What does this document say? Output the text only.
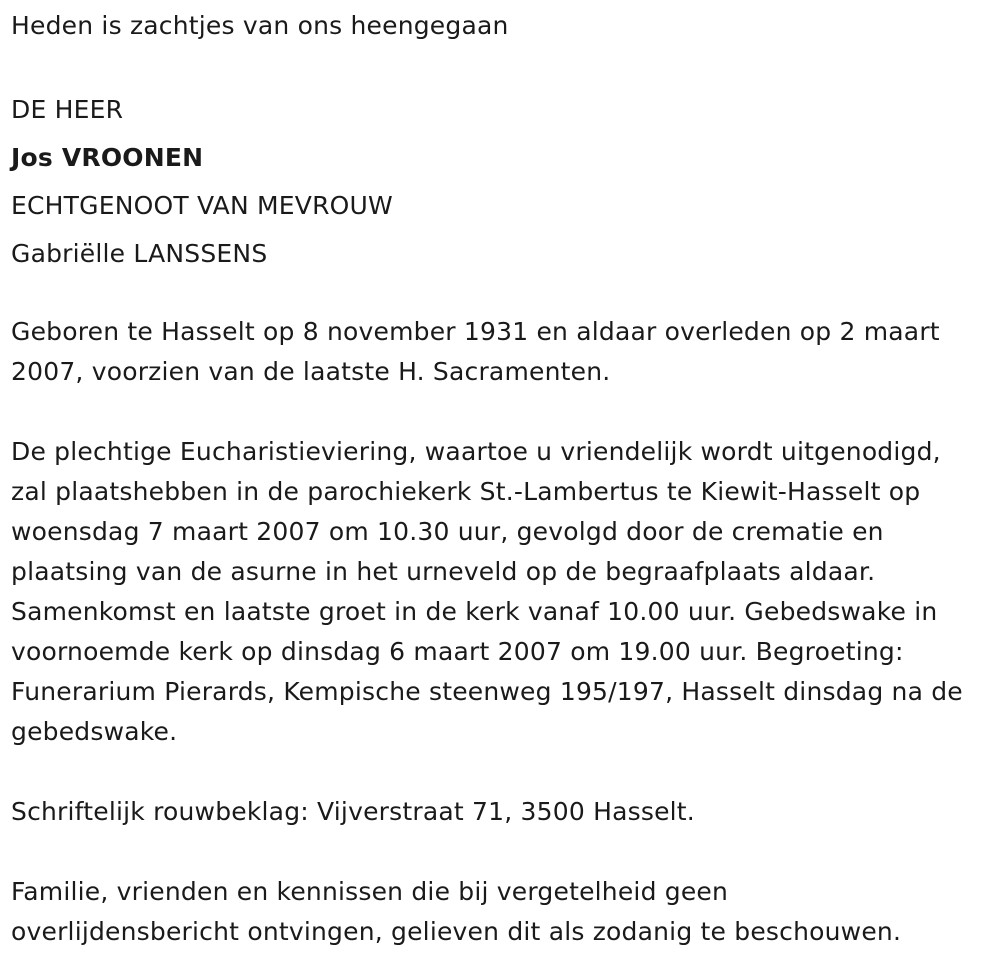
Heden is zachtjes van ons heengegaan
DE HEER
Jos VROONEN
ECHTGENOOT VAN MEVROUW
Gabriëlle LANSSENS
Geboren te Hasselt op 8 november 1931 en aldaar overleden op 2 maart
2007, voorzien van de laatste H. Sacramenten.
De plechtige Eucharistieviering, waartoe u vriendelijk wordt uitgenodigd,
zal plaatshebben in de parochiekerk St.-Lambertus te Kiewit-Hasselt op
woensdag 7 maart 2007 om 10.30 uur, gevolgd door de crematie en
plaatsing van de asurne in het urneveld op de begraafplaats aldaar.
Samenkomst en laatste groet in de kerk vanaf 10.00 uur. Gebedswake in
voornoemde kerk op dinsdag 6 maart 2007 om 19.00 uur. Begroeting:
Funerarium Pierards, Kempische steenweg 195/197, Hasselt dinsdag na de
gebedswake.
Schriftelijk rouwbeklag: Vijverstraat 71, 3500 Hasselt.
Familie, vrienden en kennissen die bij vergetelheid geen
overlijdensbericht ontvingen, gelieven dit als zodanig te beschouwen.
